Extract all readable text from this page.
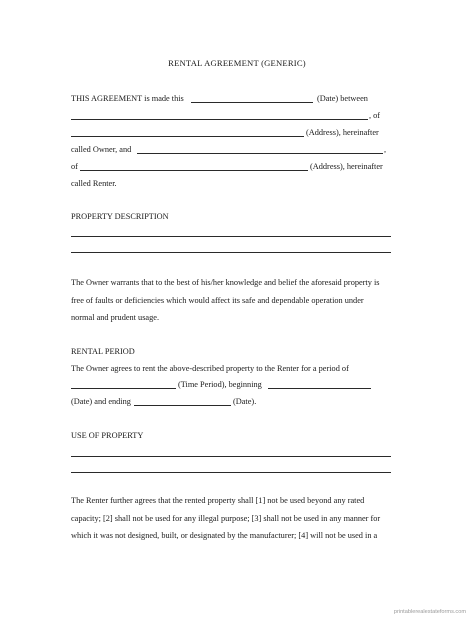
RENTAL AGREEMENT (GENERIC)
THIS AGREEMENT is made this	(Date) between
, of
(Address), hereinafter
called Owner, and	,
of	(Address), hereinafter
called Renter.
PROPERTY DESCRIPTION
The Owner warrants that to the best of his/her knowledge and belief the aforesaid property is
free of faults or deficiencies which would affect its safe and dependable operation under
normal and prudent usage.
RENTAL PERIOD
The Owner agrees to rent the above-described property to the Renter for a period of
(Time Period), beginning
(Date) and ending	(Date).
USE OF PROPERTY
The Renter further agrees that the rented property shall [1] not be used beyond any rated
capacity; [2] shall not be used for any illegal purpose; [3] shall not be used in any manner for
which it was not designed, built, or designated by the manufacturer; [4] will not be used in a
printablerealestateforms.com
